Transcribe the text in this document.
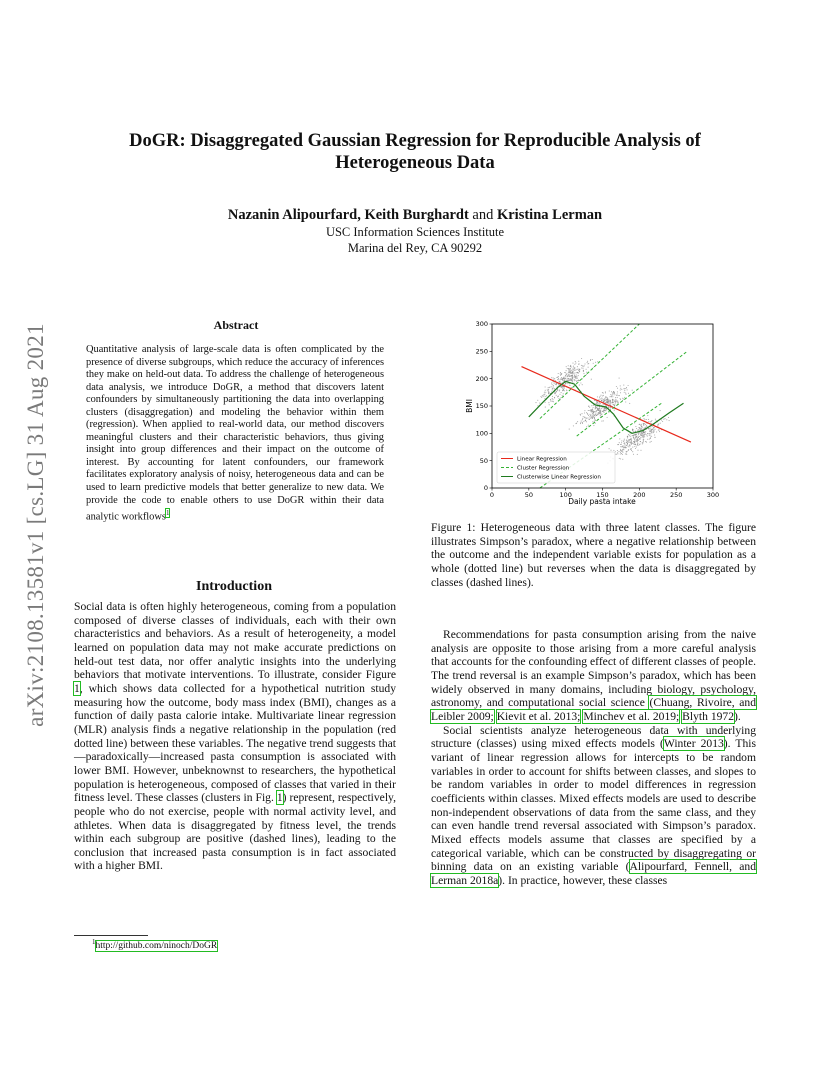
arXiv:2108.13581v1 [cs.LG] 31 Aug 2021
DoGR: Disaggregated Gaussian Regression for Reproducible Analysis of Heterogeneous Data
Nazanin Alipourfard, Keith Burghardt and Kristina Lerman
USC Information Sciences Institute
Marina del Rey, CA 90292
Abstract
Quantitative analysis of large-scale data is often complicated by the presence of diverse subgroups, which reduce the accuracy of inferences they make on held-out data. To address the challenge of heterogeneous data analysis, we introduce DoGR, a method that discovers latent confounders by simultaneously partitioning the data into overlapping clusters (disaggregation) and modeling the behavior within them (regression). When applied to real-world data, our method discovers meaningful clusters and their characteristic behaviors, thus giving insight into group differences and their impact on the outcome of interest. By accounting for latent confounders, our framework facilitates exploratory analysis of noisy, heterogeneous data and can be used to learn predictive models that better generalize to new data. We provide the code to enable others to use DoGR within their data analytic workflows$^1$
Introduction

Social data is often highly heterogeneous, coming from a population composed of diverse classes of individuals, each with their own characteristics and behaviors. As a result of heterogeneity, a model learned on population data may not make accurate predictions on held-out test data, nor offer analytic insights into the underlying behaviors that motivate interventions. To illustrate, consider Figure 1, which shows data collected for a hypothetical nutrition study measuring how the outcome, body mass index (BMI), changes as a function of daily pasta calorie intake. Multivariate linear regression (MLR) analysis finds a negative relationship in the population (red dotted line) between these variables. The negative trend suggests that—paradoxically—increased pasta consumption is associated with lower BMI. However, unbeknownst to researchers, the hypothetical population is heterogeneous, composed of classes that varied in their fitness level. These classes (clusters in Fig. 1) represent, respectively, people who do not exercise, people with normal activity level, and athletes. When data is disaggregated by fitness level, the trends within each subgroup are positive (dashed lines), leading to the conclusion that increased pasta consumption is in fact associated with a higher BMI.

$^1$http://github.com/ninoch/DoGR
0	50	100	150	200	250	300
0
50
100
150
200
250
300
Daily pasta intake
BMI
Linear Regression
Cluster Regression
Clusterwise Linear Regression
Figure 1: Heterogeneous data with three latent classes. The figure illustrates Simpson’s paradox, where a negative relationship between the outcome and the independent variable exists for population as a whole (dotted line) but reverses when the data is disaggregated by classes (dashed lines).

Recommendations for pasta consumption arising from the naive analysis are opposite to those arising from a more careful analysis that accounts for the confounding effect of different classes of people. The trend reversal is an example Simpson’s paradox, which has been widely observed in many domains, including biology, psychology, astronomy, and computational social science (Chuang, Rivoire, and Leibler 2009; Kievit et al. 2013; Minchev et al. 2019; Blyth 1972).

Social scientists analyze heterogeneous data with underlying structure (classes) using mixed effects models (Winter 2013). This variant of linear regression allows for intercepts to be random variables in order to account for shifts between classes, and slopes to be random variables in order to model differences in regression coefficients within classes. Mixed effects models are used to describe non-independent observations of data from the same class, and they can even handle trend reversal associated with Simpson’s paradox. Mixed effects models assume that classes are specified by a categorical variable, which can be constructed by disaggregating or binning data on an existing variable (Alipourfard, Fennell, and Lerman 2018a). In practice, however, these classes
